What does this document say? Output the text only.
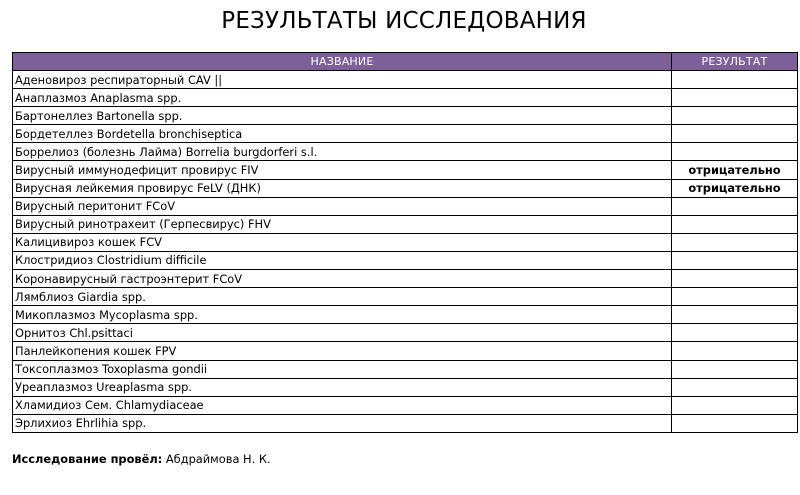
РЕЗУЛЬТАТЫ ИССЛЕДОВАНИЯ
НАЗВАНИЕ	РЕЗУЛЬТАТ
Аденовироз респираторный CAV ||	
Анаплазмоз Anaplasma spp.	
Бартонеллез Bartonella spp.	
Бордетеллез Bordetella bronchiseptica	
Боррелиоз (болезнь Лайма) Borrelia burgdorferi s.l.	
Вирусный иммунодефицит провирус FIV	отрицательно
Вирусная лейкемия провирус FeLV (ДНК)	отрицательно
Вирусный перитонит FCoV	
Вирусный ринотрахеит (Герпесвирус) FHV	
Калицивироз кошек FCV	
Клостридиоз Clostridium difficile	
Коронавирусный гастроэнтерит FCoV	
Лямблиоз Giardia spp.	
Микоплазмоз Mycoplasma spp.	
Орнитоз Chl.psittaci	
Панлейкопения кошек FPV	
Токсоплазмоз Toxoplasma gondii	
Уреаплазмоз Ureaplasma spp.	
Хламидиоз Сем. Chlamydiaceae	
Эрлихиоз Ehrlihia spp.	
Исследование провёл: Абдраймова Н. К.
